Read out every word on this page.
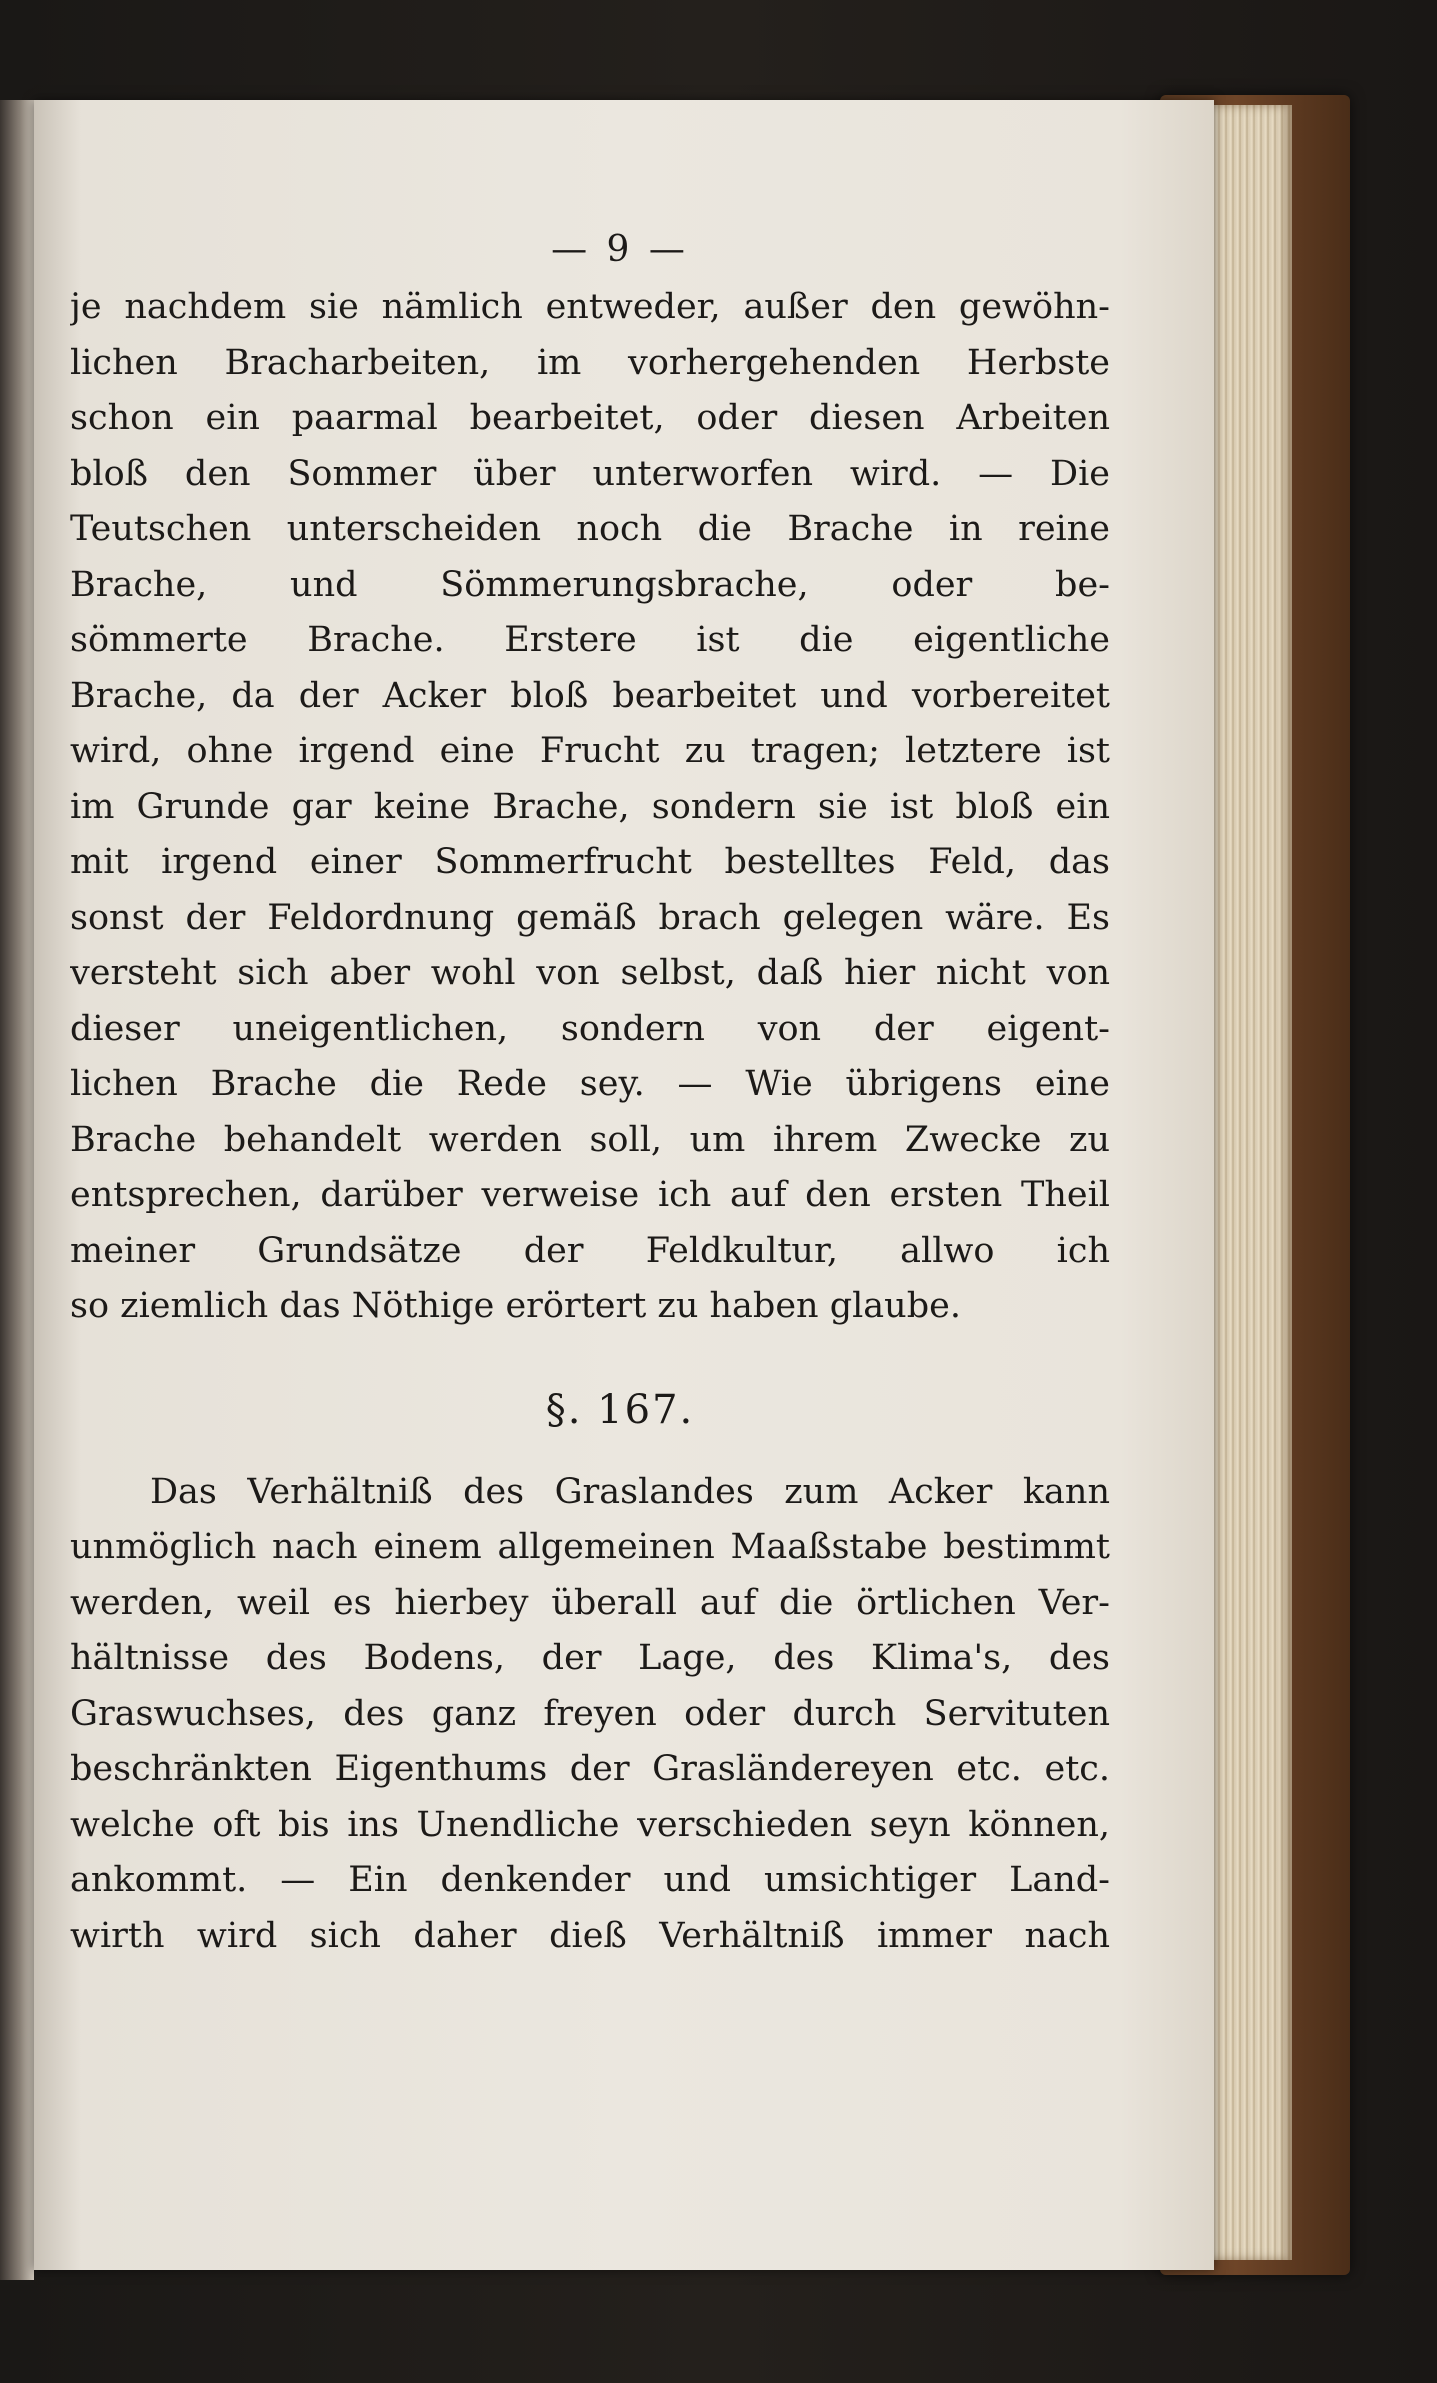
— 9 —
je nachdem sie nämlich entweder, außer den gewöhn-
lichen Bracharbeiten, im vorhergehenden Herbste
schon ein paarmal bearbeitet, oder diesen Arbeiten
bloß den Sommer über unterworfen wird. — Die
Teutschen unterscheiden noch die Brache in reine
Brache, und Sömmerungsbrache, oder be-
sömmerte Brache. Erstere ist die eigentliche
Brache, da der Acker bloß bearbeitet und vorbereitet
wird, ohne irgend eine Frucht zu tragen; letztere ist
im Grunde gar keine Brache, sondern sie ist bloß ein
mit irgend einer Sommerfrucht bestelltes Feld, das
sonst der Feldordnung gemäß brach gelegen wäre. Es
versteht sich aber wohl von selbst, daß hier nicht von
dieser uneigentlichen, sondern von der eigent-
lichen Brache die Rede sey. — Wie übrigens eine
Brache behandelt werden soll, um ihrem Zwecke zu
entsprechen, darüber verweise ich auf den ersten Theil
meiner Grundsätze der Feldkultur, allwo ich
so ziemlich das Nöthige erörtert zu haben glaube.
§. 167.
Das Verhältniß des Graslandes zum Acker kann
unmöglich nach einem allgemeinen Maaßstabe bestimmt
werden, weil es hierbey überall auf die örtlichen Ver-
hältnisse des Bodens, der Lage, des Klima's, des
Graswuchses, des ganz freyen oder durch Servituten
beschränkten Eigenthums der Grasländereyen etc. etc.
welche oft bis ins Unendliche verschieden seyn können,
ankommt. — Ein denkender und umsichtiger Land-
wirth wird sich daher dieß Verhältniß immer nach
